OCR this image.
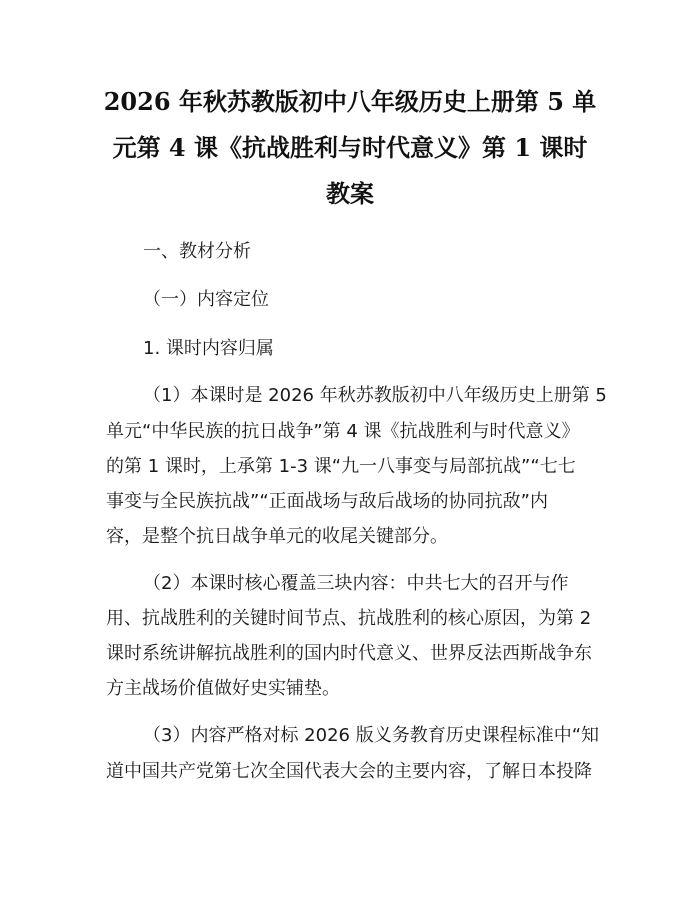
2026 年秋苏教版初中八年级历史上册第 5 单
元第 4 课《抗战胜利与时代意义》第 1 课时
教案
一、教材分析
（一）内容定位
1. 课时内容归属
（1）本课时是 2026 年秋苏教版初中八年级历史上册第 5
单元“中华民族的抗日战争”第 4 课《抗战胜利与时代意义》
的第 1 课时，上承第 1-3 课“九一八事变与局部抗战”“七七
事变与全民族抗战”“正面战场与敌后战场的协同抗敌”内
容，是整个抗日战争单元的收尾关键部分。
（2）本课时核心覆盖三块内容：中共七大的召开与作
用、抗战胜利的关键时间节点、抗战胜利的核心原因，为第 2
课时系统讲解抗战胜利的国内时代意义、世界反法西斯战争东
方主战场价值做好史实铺垫。
（3）内容严格对标 2026 版义务教育历史课程标准中“知
道中国共产党第七次全国代表大会的主要内容，了解日本投降
